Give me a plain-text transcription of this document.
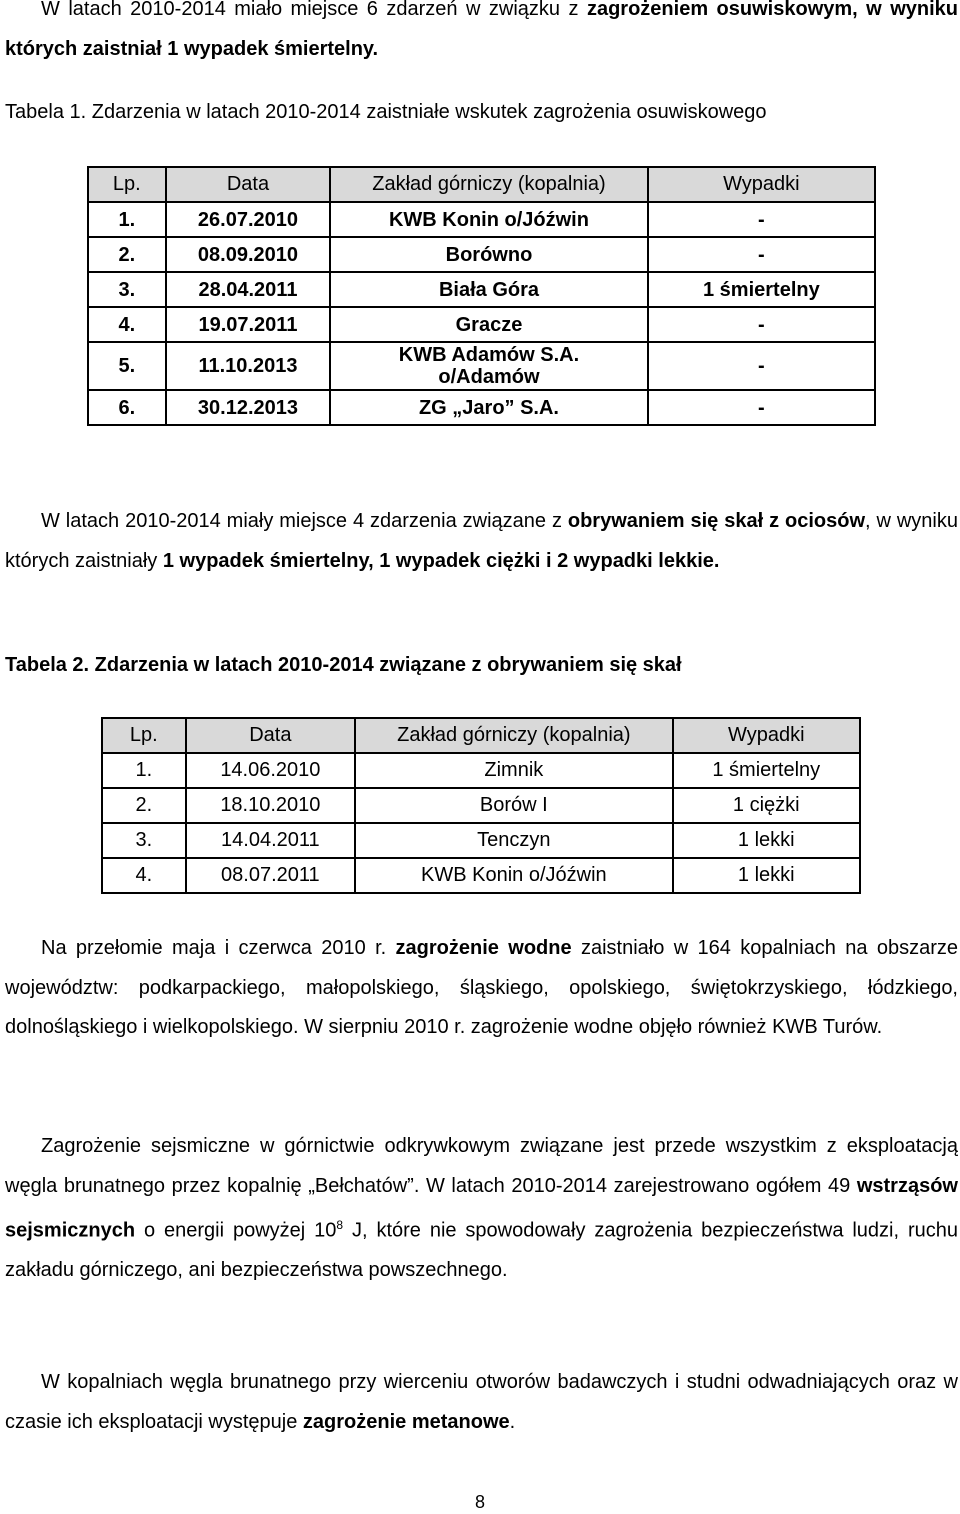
W latach 2010-2014 miało miejsce 6 zdarzeń w związku z zagrożeniem osuwiskowym, w wyniku których zaistniał 1 wypadek śmiertelny.
Tabela 1. Zdarzenia w latach 2010-2014 zaistniałe wskutek zagrożenia osuwiskowego
Lp.	Data	Zakład górniczy (kopalnia)	Wypadki
1.	26.07.2010	KWB Konin o/Jóźwin	-
2.	08.09.2010	Borówno	-
3.	28.04.2011	Biała Góra	1 śmiertelny
4.	19.07.2011	Gracze	-
5.	11.10.2013	KWB Adamów S.A.
o/Adamów	-
6.	30.12.2013	ZG „Jaro” S.A.	-
W latach 2010-2014 miały miejsce 4 zdarzenia związane z obrywaniem się skał z ociosów, w wyniku których zaistniały 1 wypadek śmiertelny, 1 wypadek ciężki i 2 wypadki lekkie.
Tabela 2. Zdarzenia w latach 2010-2014 związane z obrywaniem się skał
Lp.	Data	Zakład górniczy (kopalnia)	Wypadki
1.	14.06.2010	Zimnik	1 śmiertelny
2.	18.10.2010	Borów I	1 ciężki
3.	14.04.2011	Tenczyn	1 lekki
4.	08.07.2011	KWB Konin o/Jóźwin	1 lekki
Na przełomie maja i czerwca 2010 r. zagrożenie wodne zaistniało w 164 kopalniach na obszarze województw: podkarpackiego, małopolskiego, śląskiego, opolskiego, świętokrzyskiego, łódzkiego, dolnośląskiego i wielkopolskiego. W sierpniu 2010 r. zagrożenie wodne objęło również KWB Turów.
Zagrożenie sejsmiczne w górnictwie odkrywkowym związane jest przede wszystkim z eksploatacją węgla brunatnego przez kopalnię „Bełchatów”. W latach 2010-2014 zarejestrowano ogółem 49 wstrząsów sejsmicznych o energii powyżej $10^8$ J, które nie spowodowały zagrożenia bezpieczeństwa ludzi, ruchu zakładu górniczego, ani bezpieczeństwa powszechnego.
W kopalniach węgla brunatnego przy wierceniu otworów badawczych i studni odwadniających oraz w czasie ich eksploatacji występuje zagrożenie metanowe.
8
